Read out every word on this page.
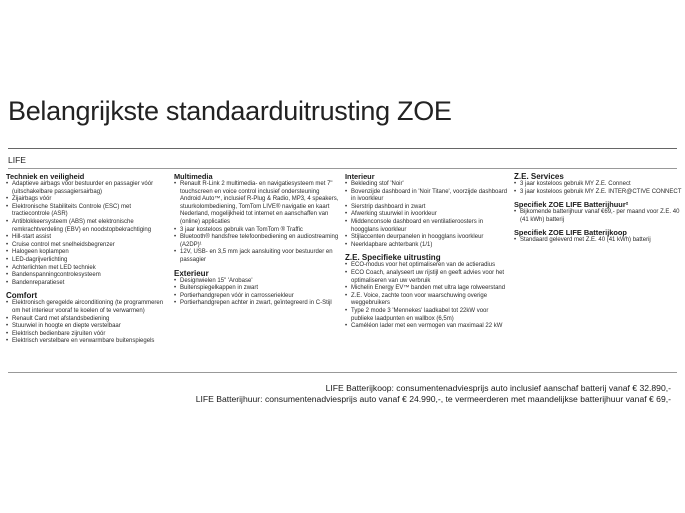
Belangrijkste standaarduitrusting ZOE
LIFE
Techniek en veiligheid
• Adaptieve airbags voor bestuurder en passagier vóór (uitschakelbare passagiersairbag)
• Zijairbags vóór
• Elektronische Stabiliteits Controle (ESC) met tractiecontrole (ASR)
• Antiblokkeersysteem (ABS) met elektronische remkrachtverdeling (EBV) en noodstopbekrachtiging
• Hill-start assist
• Cruise control met snelheidsbegrenzer
• Halogeen koplampen
• LED-dagrijverlichting
• Achterlichten met LED techniek
• Bandenspanningcontrolesysteem
• Bandenreparatieset
Comfort
• Elektronisch geregelde airconditioning (te programmeren om het interieur vooraf te koelen of te verwarmen)
• Renault Card met afstandsbediening
• Stuurwiel in hoogte en diepte verstelbaar
• Elektrisch bedienbare zijruiten vóór
• Elektrisch verstelbare en verwarmbare buitenspiegels
Multimedia
• Renault R-Link 2 multimedia- en navigatiesysteem met 7" touchscreen en voice control inclusief ondersteuning Android Auto™, inclusief R-Plug & Radio, MP3, 4 speakers, stuurkolombediening, TomTom LIVE® navigatie en kaart Nederland, mogelijkheid tot internet en aanschaffen van (online) applicaties
• 3 jaar kosteloos gebruik van TomTom ® Traffic
• Bluetooth® handsfree telefoonbediening en audiostreaming (A2DP)¹
• 12V, USB- en 3,5 mm jack aansluiting voor bestuurder en passagier
Exterieur
• Designwielen 15" 'Arobase'
• Buitenspiegelkappen in zwart
• Portierhandgrepen vóór in carrosseriekleur
• Portierhandgrepen achter in zwart, geïntegreerd in C-Stijl
Interieur
• Bekleding stof 'Noir'
• Bovenzijde dashboard in 'Noir Titane', voorzijde dashboard in ivoorkleur
• Sierstrip dashboard in zwart
• Afwerking stuurwiel in ivoorkleur
• Middenconsole dashboard en ventilatieroosters in hoogglans ivoorkleur
• Stijlaccenten deurpanelen in hoogglans ivoorkleur
• Neerklapbare achterbank (1/1)
Z.E. Specifieke uitrusting
• ECO-modus voor het optimaliseren van de actieradius
• ECO Coach, analyseert uw rijstijl en geeft advies voor het optimaliseren van uw verbruik
• Michelin Energy EV™ banden met ultra lage rolweerstand
• Z.E. Voice, zachte toon voor waarschuwing overige weggebruikers
• Type 2 mode 3 'Mennekes' laadkabel tot 22kW voor publieke laadpunten en wallbox (6,5m)
• Caméléon lader met een vermogen van maximaal 22 kW
Z.E. Services
• 3 jaar kosteloos gebruik MY Z.E. Connect
• 3 jaar kosteloos gebruik MY Z.E. INTER@CTIVE CONNECT
Specifiek ZOE LIFE Batterijhuur²
• Bijkomende batterijhuur vanaf €69,- per maand voor Z.E. 40 (41 kWh) batterij
Specifiek ZOE LIFE Batterijkoop
• Standaard geleverd met Z.E. 40 (41 kWh) batterij
LIFE Batterijkoop: consumentenadviesprijs auto inclusief aanschaf batterij vanaf € 32.890,-
LIFE Batterijhuur: consumentenadviesprijs auto vanaf € 24.990,-, te vermeerderen met maandelijkse batterijhuur vanaf € 69,-
